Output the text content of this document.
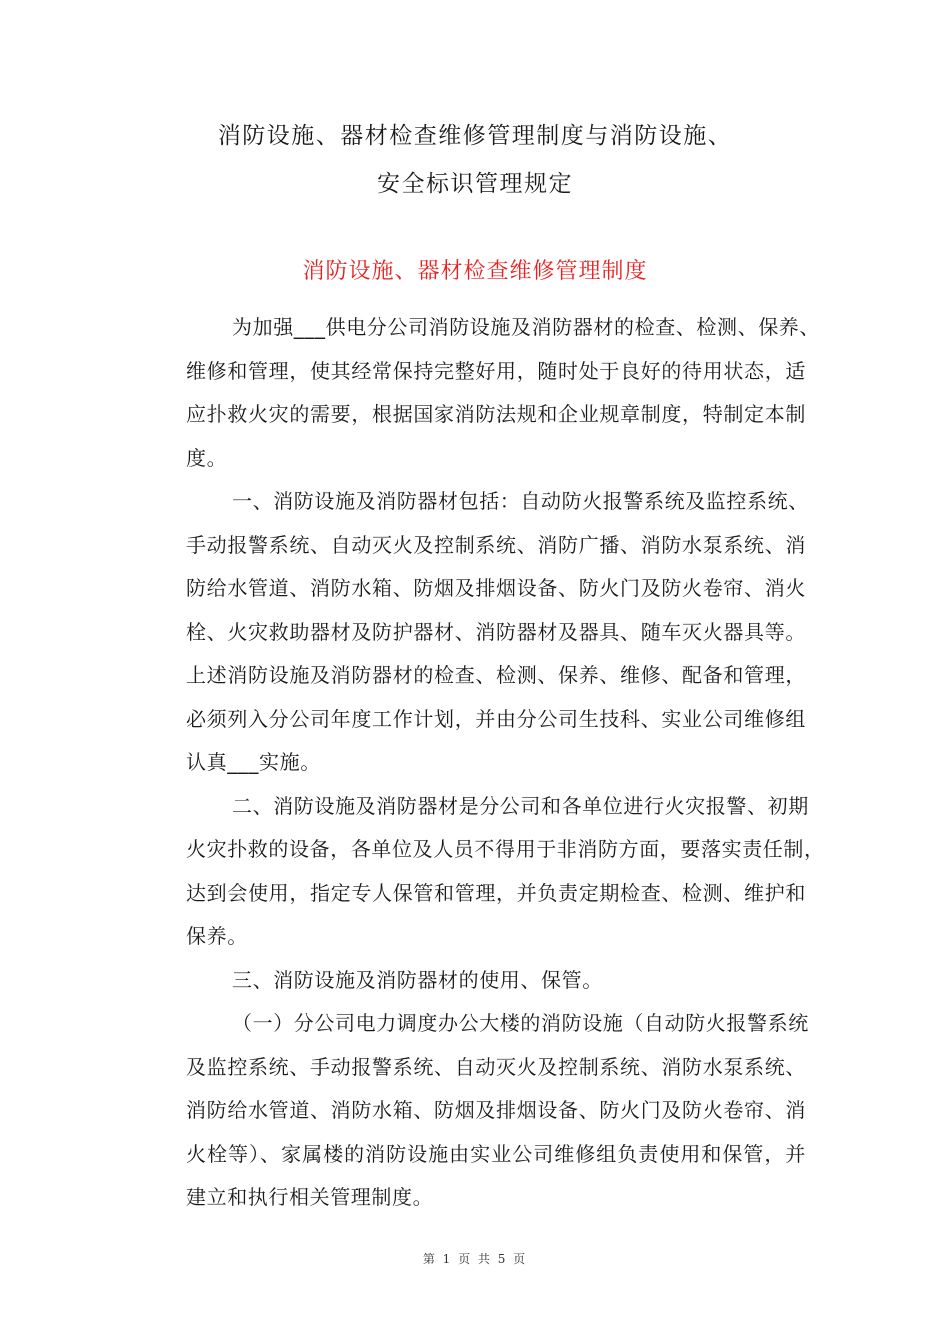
消防设施、器材检查维修管理制度与消防设施、
安全标识管理规定
消防设施、器材检查维修管理制度

为加强___供电分公司消防设施及消防器材的检查、检测、保养、
维修和管理，使其经常保持完整好用，随时处于良好的待用状态，适
应扑救火灾的需要，根据国家消防法规和企业规章制度，特制定本制
度。

一、消防设施及消防器材包括：自动防火报警系统及监控系统、
手动报警系统、自动灭火及控制系统、消防广播、消防水泵系统、消
防给水管道、消防水箱、防烟及排烟设备、防火门及防火卷帘、消火
栓、火灾救助器材及防护器材、消防器材及器具、随车灭火器具等。
上述消防设施及消防器材的检查、检测、保养、维修、配备和管理，
必须列入分公司年度工作计划，并由分公司生技科、实业公司维修组
认真___实施。

二、消防设施及消防器材是分公司和各单位进行火灾报警、初期
火灾扑救的设备，各单位及人员不得用于非消防方面，要落实责任制，
达到会使用，指定专人保管和管理，并负责定期检查、检测、维护和
保养。

三、消防设施及消防器材的使用、保管。

（一）分公司电力调度办公大楼的消防设施（自动防火报警系统
及监控系统、手动报警系统、自动灭火及控制系统、消防水泵系统、
消防给水管道、消防水箱、防烟及排烟设备、防火门及防火卷帘、消
火栓等）、家属楼的消防设施由实业公司维修组负责使用和保管，并
建立和执行相关管理制度。

第 1 页 共 5 页
